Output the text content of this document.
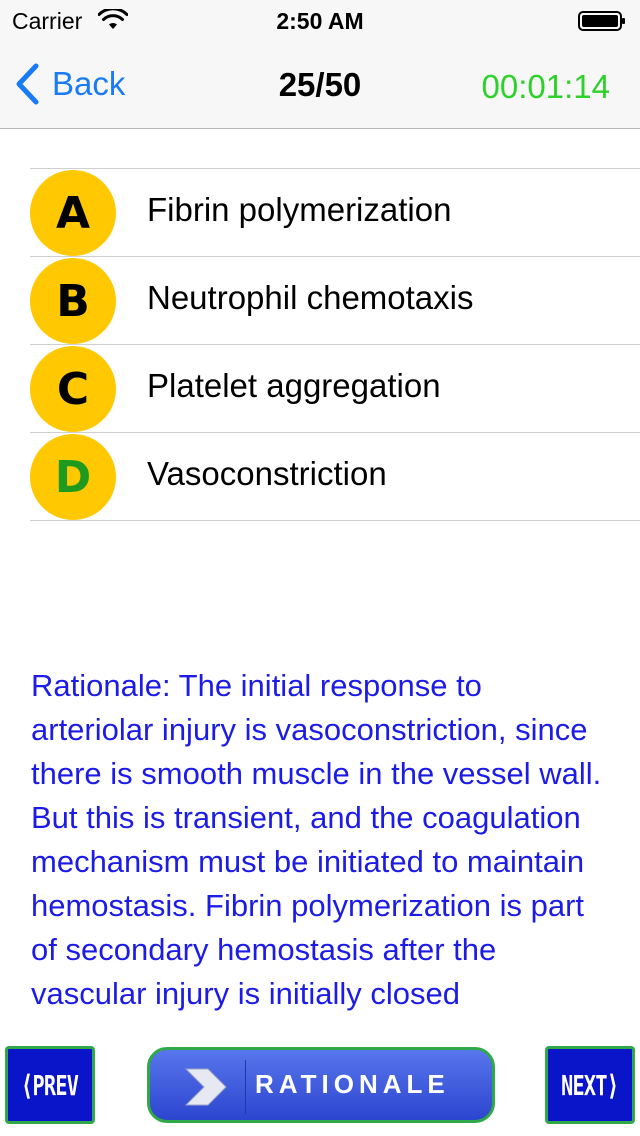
Carrier	2:50 AM
Back	25/50	00:01:14
A Fibrin polymerization
B Neutrophil chemotaxis
C Platelet aggregation
D Vasoconstriction
Rationale: The initial response to arteriolar injury is vasoconstriction, since there is smooth muscle in the vessel wall. But this is transient, and the coagulation mechanism must be initiated to maintain hemostasis. Fibrin polymerization is part of secondary hemostasis after the vascular injury is initially closed
⟨PREV	RATIONALE	NEXT⟩
